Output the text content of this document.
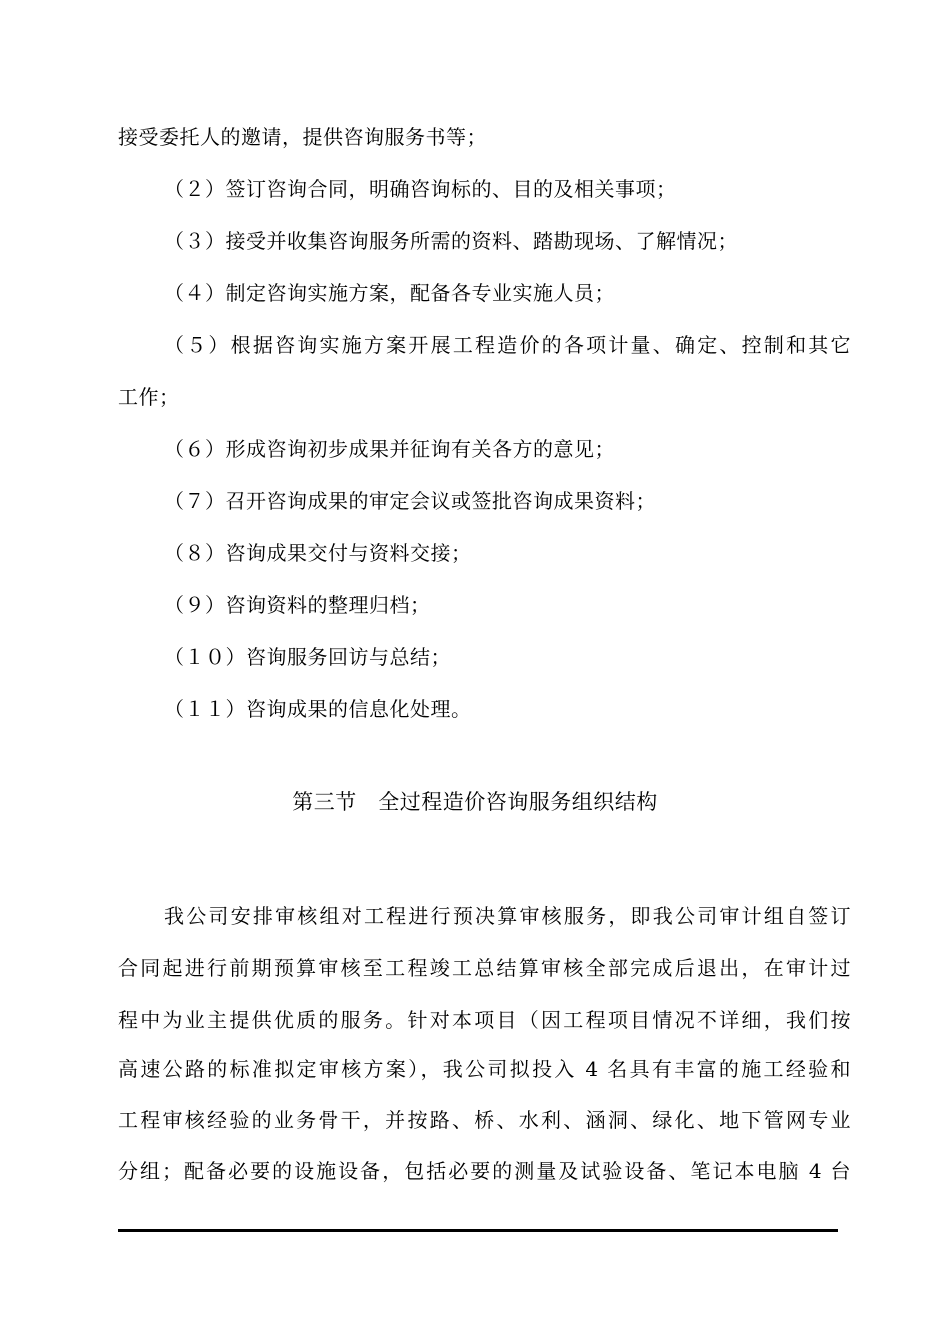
接受委托人的邀请，提供咨询服务书等；
（２）签订咨询合同，明确咨询标的、目的及相关事项；
（３）接受并收集咨询服务所需的资料、踏勘现场、了解情况；
（４）制定咨询实施方案，配备各专业实施人员；
（５）根据咨询实施方案开展工程造价的各项计量、确定、控制和其它
工作；
（６）形成咨询初步成果并征询有关各方的意见；
（７）召开咨询成果的审定会议或签批咨询成果资料；
（８）咨询成果交付与资料交接；
（９）咨询资料的整理归档；
（１０）咨询服务回访与总结；
（１１）咨询成果的信息化处理。
第三节　全过程造价咨询服务组织结构
我公司安排审核组对工程进行预决算审核服务，即我公司审计组自签订
合同起进行前期预算审核至工程竣工总结算审核全部完成后退出，在审计过
程中为业主提供优质的服务。针对本项目（因工程项目情况不详细，我们按
高速公路的标准拟定审核方案），我公司拟投入 4 名具有丰富的施工经验和
工程审核经验的业务骨干，并按路、桥、水利、涵洞、绿化、地下管网专业
分组；配备必要的设施设备，包括必要的测量及试验设备、笔记本电脑 4 台
